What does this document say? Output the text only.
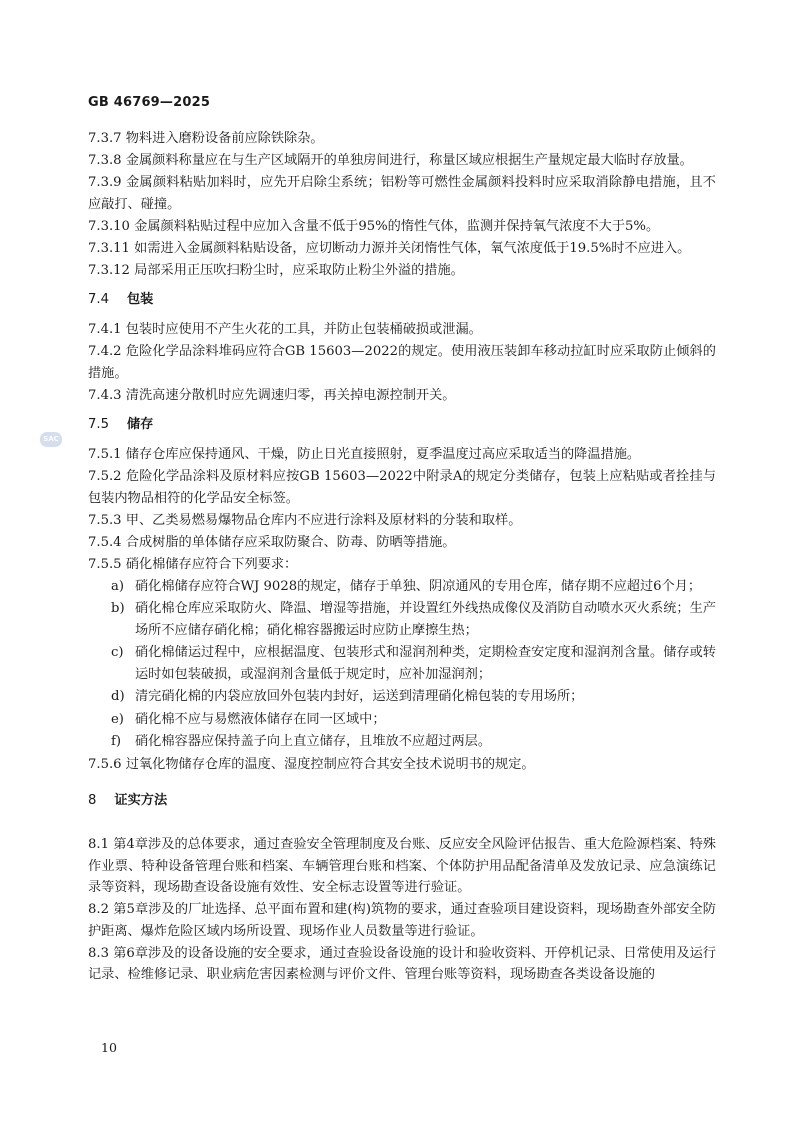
GB 46769—2025
SAC
7.3.7 物料进入磨粉设备前应除铁除杂。
7.3.8 金属颜料称量应在与生产区域隔开的单独房间进行，称量区域应根据生产量规定最大临时存放量。
7.3.9 金属颜料粘贴加料时，应先开启除尘系统；铝粉等可燃性金属颜料投料时应采取消除静电措施，且不应敲打、碰撞。
7.3.10 金属颜料粘贴过程中应加入含量不低于95%的惰性气体，监测并保持氧气浓度不大于5%。
7.3.11 如需进入金属颜料粘贴设备，应切断动力源并关闭惰性气体，氧气浓度低于19.5%时不应进入。
7.3.12 局部采用正压吹扫粉尘时，应采取防止粉尘外溢的措施。
7.4 包装
7.4.1 包装时应使用不产生火花的工具，并防止包装桶破损或泄漏。
7.4.2 危险化学品涂料堆码应符合GB 15603—2022的规定。使用液压装卸车移动拉缸时应采取防止倾斜的措施。
7.4.3 清洗高速分散机时应先调速归零，再关掉电源控制开关。
7.5 储存
7.5.1 储存仓库应保持通风、干燥，防止日光直接照射，夏季温度过高应采取适当的降温措施。
7.5.2 危险化学品涂料及原材料应按GB 15603—2022中附录A的规定分类储存，包装上应粘贴或者拴挂与包装内物品相符的化学品安全标签。
7.5.3 甲、乙类易燃易爆物品仓库内不应进行涂料及原材料的分装和取样。
7.5.4 合成树脂的单体储存应采取防聚合、防毒、防晒等措施。
7.5.5 硝化棉储存应符合下列要求：
a) 硝化棉储存应符合WJ 9028的规定，储存于单独、阴凉通风的专用仓库，储存期不应超过6个月；
b) 硝化棉仓库应采取防火、降温、增湿等措施，并设置红外线热成像仪及消防自动喷水灭火系统；生产场所不应储存硝化棉；硝化棉容器搬运时应防止摩擦生热；
c) 硝化棉储运过程中，应根据温度、包装形式和湿润剂种类，定期检查安定度和湿润剂含量。储存或转运时如包装破损，或湿润剂含量低于规定时，应补加湿润剂；
d) 清完硝化棉的内袋应放回外包装内封好，运送到清理硝化棉包装的专用场所；
e) 硝化棉不应与易燃液体储存在同一区域中；
f)	硝化棉容器应保持盖子向上直立储存，且堆放不应超过两层。
7.5.6 过氧化物储存仓库的温度、湿度控制应符合其安全技术说明书的规定。
8 证实方法
8.1 第4章涉及的总体要求，通过查验安全管理制度及台账、反应安全风险评估报告、重大危险源档案、特殊作业票、特种设备管理台账和档案、车辆管理台账和档案、个体防护用品配备清单及发放记录、应急演练记录等资料，现场勘查设备设施有效性、安全标志设置等进行验证。
8.2 第5章涉及的厂址选择、总平面布置和建(构)筑物的要求，通过查验项目建设资料，现场勘查外部安全防护距离、爆炸危险区域内场所设置、现场作业人员数量等进行验证。
8.3 第6章涉及的设备设施的安全要求，通过查验设备设施的设计和验收资料、开停机记录、日常使用及运行记录、检维修记录、职业病危害因素检测与评价文件、管理台账等资料，现场勘查各类设备设施的
10
